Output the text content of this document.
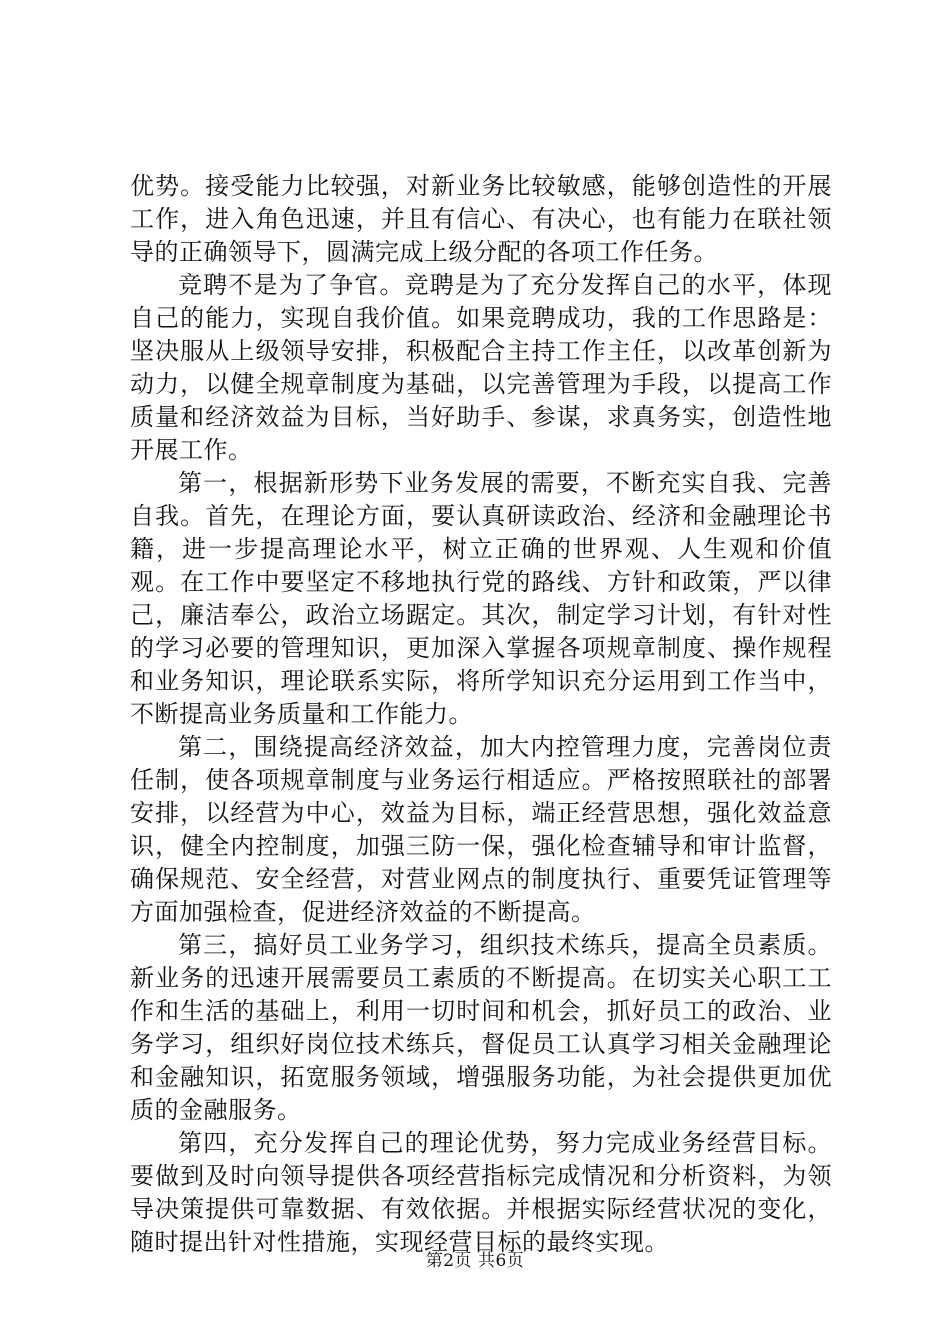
优势。接受能力比较强，对新业务比较敏感，能够创造性的开展工作，进入角色迅速，并且有信心、有决心，也有能力在联社领导的正确领导下，圆满完成上级分配的各项工作任务。

竞聘不是为了争官。竞聘是为了充分发挥自己的水平，体现自己的能力，实现自我价值。如果竞聘成功，我的工作思路是：坚决服从上级领导安排，积极配合主持工作主任，以改革创新为动力，以健全规章制度为基础，以完善管理为手段，以提高工作质量和经济效益为目标，当好助手、参谋，求真务实，创造性地开展工作。

第一，根据新形势下业务发展的需要，不断充实自我、完善自我。首先，在理论方面，要认真研读政治、经济和金融理论书籍，进一步提高理论水平，树立正确的世界观、人生观和价值观。在工作中要坚定不移地执行党的路线、方针和政策，严以律己，廉洁奉公，政治立场踞定。其次，制定学习计划，有针对性的学习必要的管理知识，更加深入掌握各项规章制度、操作规程和业务知识，理论联系实际，将所学知识充分运用到工作当中，不断提高业务质量和工作能力。

第二，围绕提高经济效益，加大内控管理力度，完善岗位责任制，使各项规章制度与业务运行相适应。严格按照联社的部署安排，以经营为中心，效益为目标，端正经营思想，强化效益意识，健全内控制度，加强三防一保，强化检查辅导和审计监督，确保规范、安全经营，对营业网点的制度执行、重要凭证管理等方面加强检查，促进经济效益的不断提高。

第三，搞好员工业务学习，组织技术练兵，提高全员素质。新业务的迅速开展需要员工素质的不断提高。在切实关心职工工作和生活的基础上，利用一切时间和机会，抓好员工的政治、业务学习，组织好岗位技术练兵，督促员工认真学习相关金融理论和金融知识，拓宽服务领域，增强服务功能，为社会提供更加优质的金融服务。

第四，充分发挥自己的理论优势，努力完成业务经营目标。要做到及时向领导提供各项经营指标完成情况和分析资料，为领导决策提供可靠数据、有效依据。并根据实际经营状况的变化，随时提出针对性措施，实现经营目标的最终实现。

第2页 共6页
